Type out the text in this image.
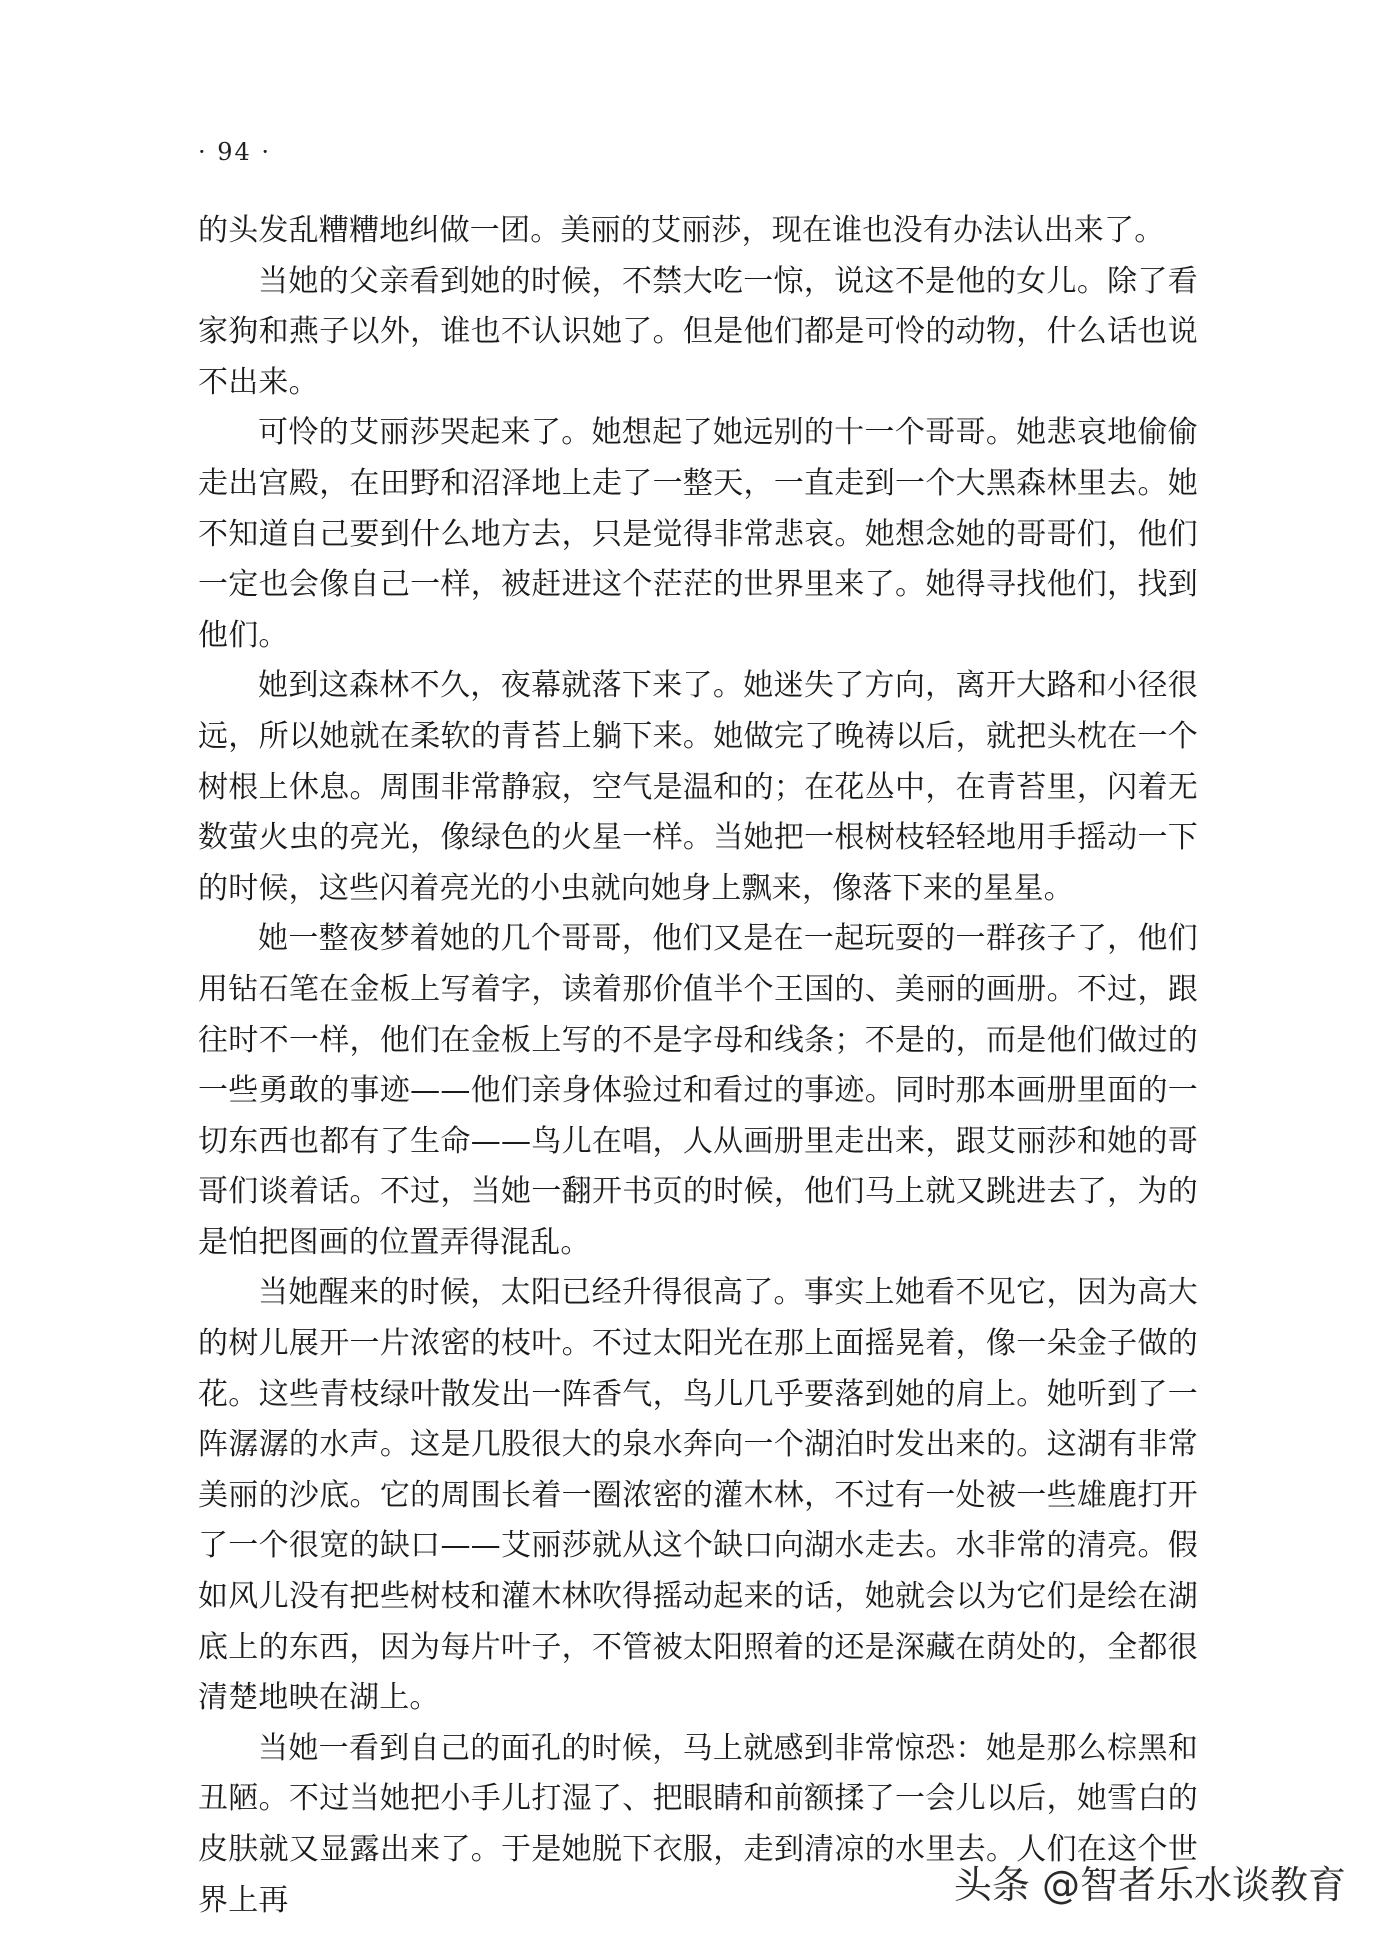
· 94 ·

的头发乱糟糟地纠做一团。美丽的艾丽莎，现在谁也没有办法认出来了。

当她的父亲看到她的时候，不禁大吃一惊，说这不是他的女儿。除了看家狗和燕子以外，谁也不认识她了。但是他们都是可怜的动物，什么话也说不出来。

可怜的艾丽莎哭起来了。她想起了她远别的十一个哥哥。她悲哀地偷偷走出宫殿，在田野和沼泽地上走了一整天，一直走到一个大黑森林里去。她不知道自己要到什么地方去，只是觉得非常悲哀。她想念她的哥哥们，他们一定也会像自己一样，被赶进这个茫茫的世界里来了。她得寻找他们，找到他们。

她到这森林不久，夜幕就落下来了。她迷失了方向，离开大路和小径很远，所以她就在柔软的青苔上躺下来。她做完了晚祷以后，就把头枕在一个树根上休息。周围非常静寂，空气是温和的；在花丛中，在青苔里，闪着无数萤火虫的亮光，像绿色的火星一样。当她把一根树枝轻轻地用手摇动一下的时候，这些闪着亮光的小虫就向她身上飘来，像落下来的星星。

她一整夜梦着她的几个哥哥，他们又是在一起玩耍的一群孩子了，他们用钻石笔在金板上写着字，读着那价值半个王国的、美丽的画册。不过，跟往时不一样，他们在金板上写的不是字母和线条；不是的，而是他们做过的一些勇敢的事迹——他们亲身体验过和看过的事迹。同时那本画册里面的一切东西也都有了生命——鸟儿在唱，人从画册里走出来，跟艾丽莎和她的哥哥们谈着话。不过，当她一翻开书页的时候，他们马上就又跳进去了，为的是怕把图画的位置弄得混乱。

当她醒来的时候，太阳已经升得很高了。事实上她看不见它，因为高大的树儿展开一片浓密的枝叶。不过太阳光在那上面摇晃着，像一朵金子做的花。这些青枝绿叶散发出一阵香气，鸟儿几乎要落到她的肩上。她听到了一阵潺潺的水声。这是几股很大的泉水奔向一个湖泊时发出来的。这湖有非常美丽的沙底。它的周围长着一圈浓密的灌木林，不过有一处被一些雄鹿打开了一个很宽的缺口——艾丽莎就从这个缺口向湖水走去。水非常的清亮。假如风儿没有把些树枝和灌木林吹得摇动起来的话，她就会以为它们是绘在湖底上的东西，因为每片叶子，不管被太阳照着的还是深藏在荫处的，全都很清楚地映在湖上。

当她一看到自己的面孔的时候，马上就感到非常惊恐：她是那么棕黑和丑陋。不过当她把小手儿打湿了、把眼睛和前额揉了一会儿以后，她雪白的皮肤就又显露出来了。于是她脱下衣服，走到清凉的水里去。人们在这个世界上再	头条 @智者乐水谈教育
